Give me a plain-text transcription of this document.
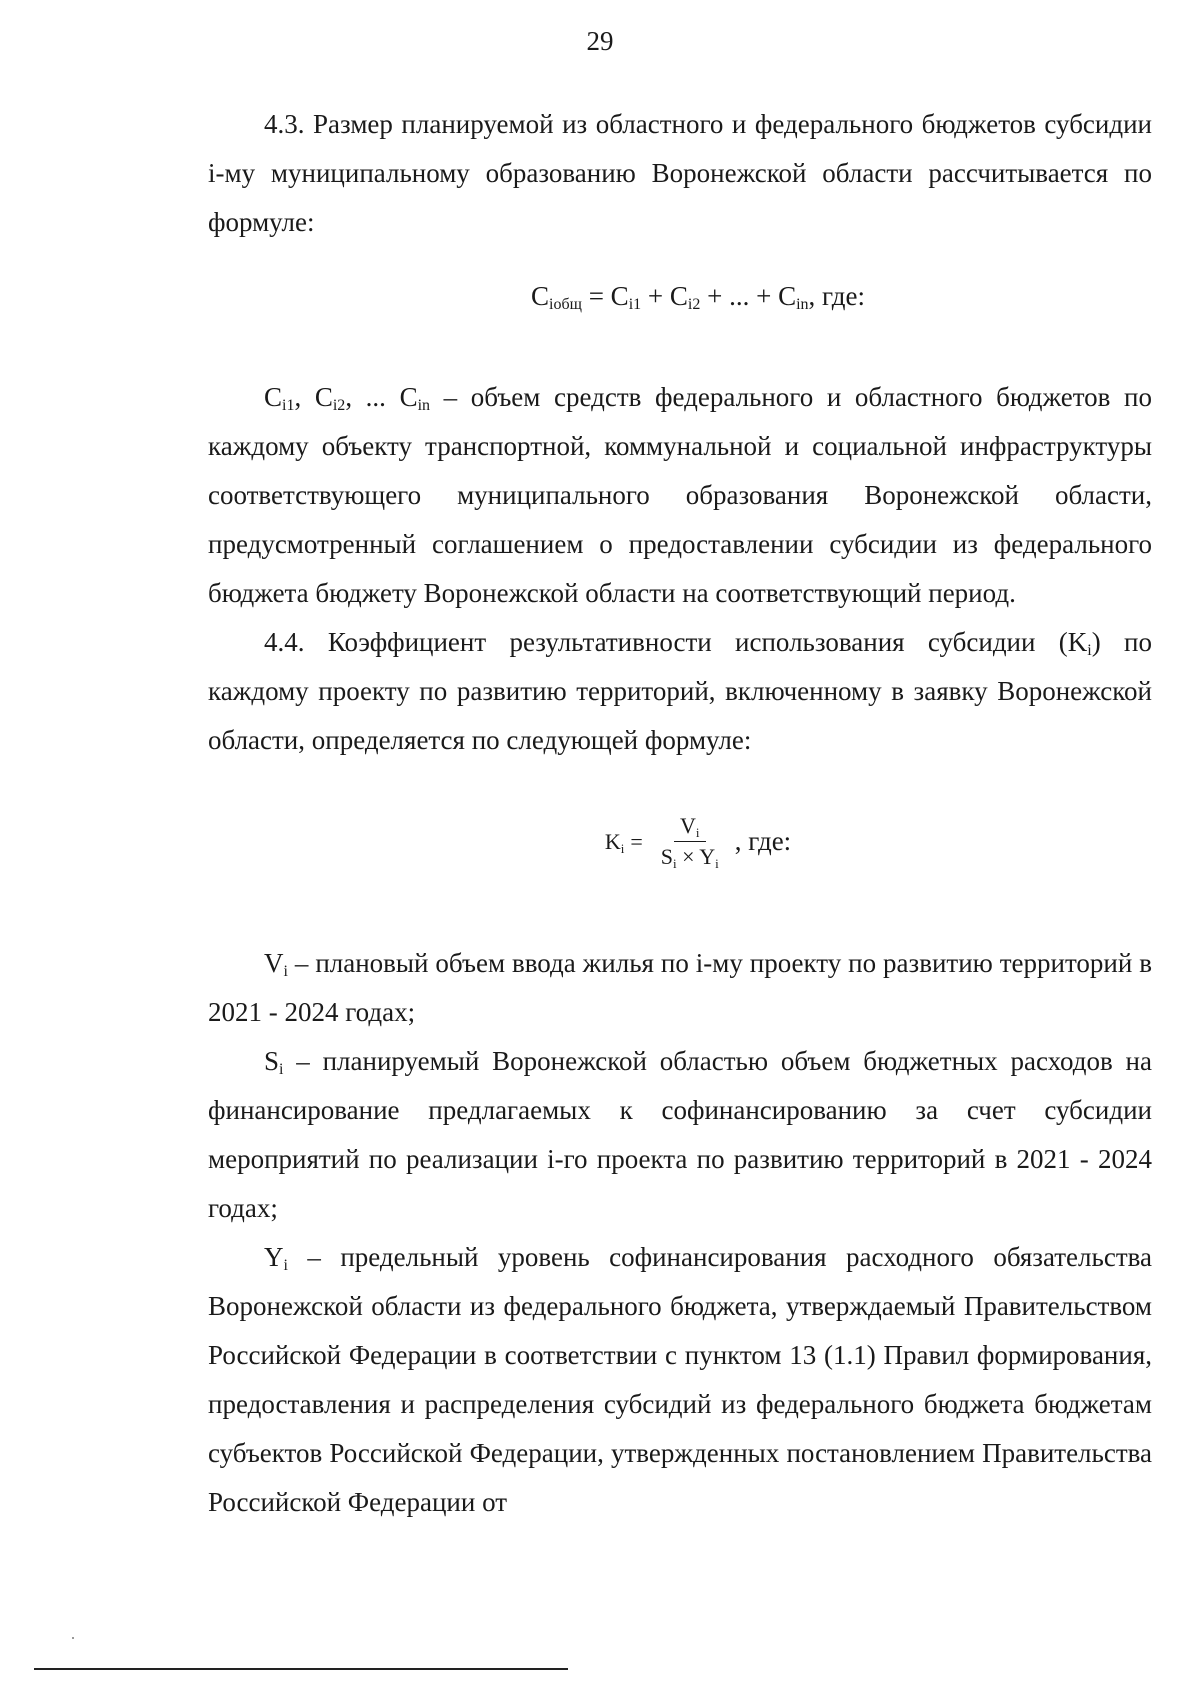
29

4.3. Размер планируемой из областного и федерального бюджетов субсидии i-му муниципальному образованию Воронежской области рассчитывается по формуле:

$C_{iобщ} = C_{i1} + C_{i2}$ + ... + $C_{in}$, где:

$C_{i1}$, $C_{i2}$, ... $C_{in}$ – объем средств федерального и областного бюджетов по каждому объекту транспортной, коммунальной и социальной инфраструктуры соответствующего муниципального образования Воронежской области, предусмотренный соглашением о предоставлении субсидии из федерального бюджета бюджету Воронежской области на соответствующий период.

4.4. Коэффициент результативности использования субсидии $(K_i)$ по каждому проекту по развитию территорий, включенному в заявку Воронежской области, определяется по следующей формуле:

$Ki = \frac{Vi}{Si \times Yi}$ , где:

$V_i$ – плановый объем ввода жилья по i-му проекту по развитию территорий в 2021 - 2024 годах;

$S_i$ – планируемый Воронежской областью объем бюджетных расходов на финансирование предлагаемых к софинансированию за счет субсидии мероприятий по реализации i-го проекта по развитию территорий в 2021 - 2024 годах;

$Y_i$ – предельный уровень софинансирования расходного обязательства Воронежской области из федерального бюджета, утверждаемый Правительством Российской Федерации в соответствии с пунктом 13 (1.1) Правил формирования, предоставления и распределения субсидий из федерального бюджета бюджетам субъектов Российской Федерации, утвержденных постановлением Правительства Российской Федерации от
